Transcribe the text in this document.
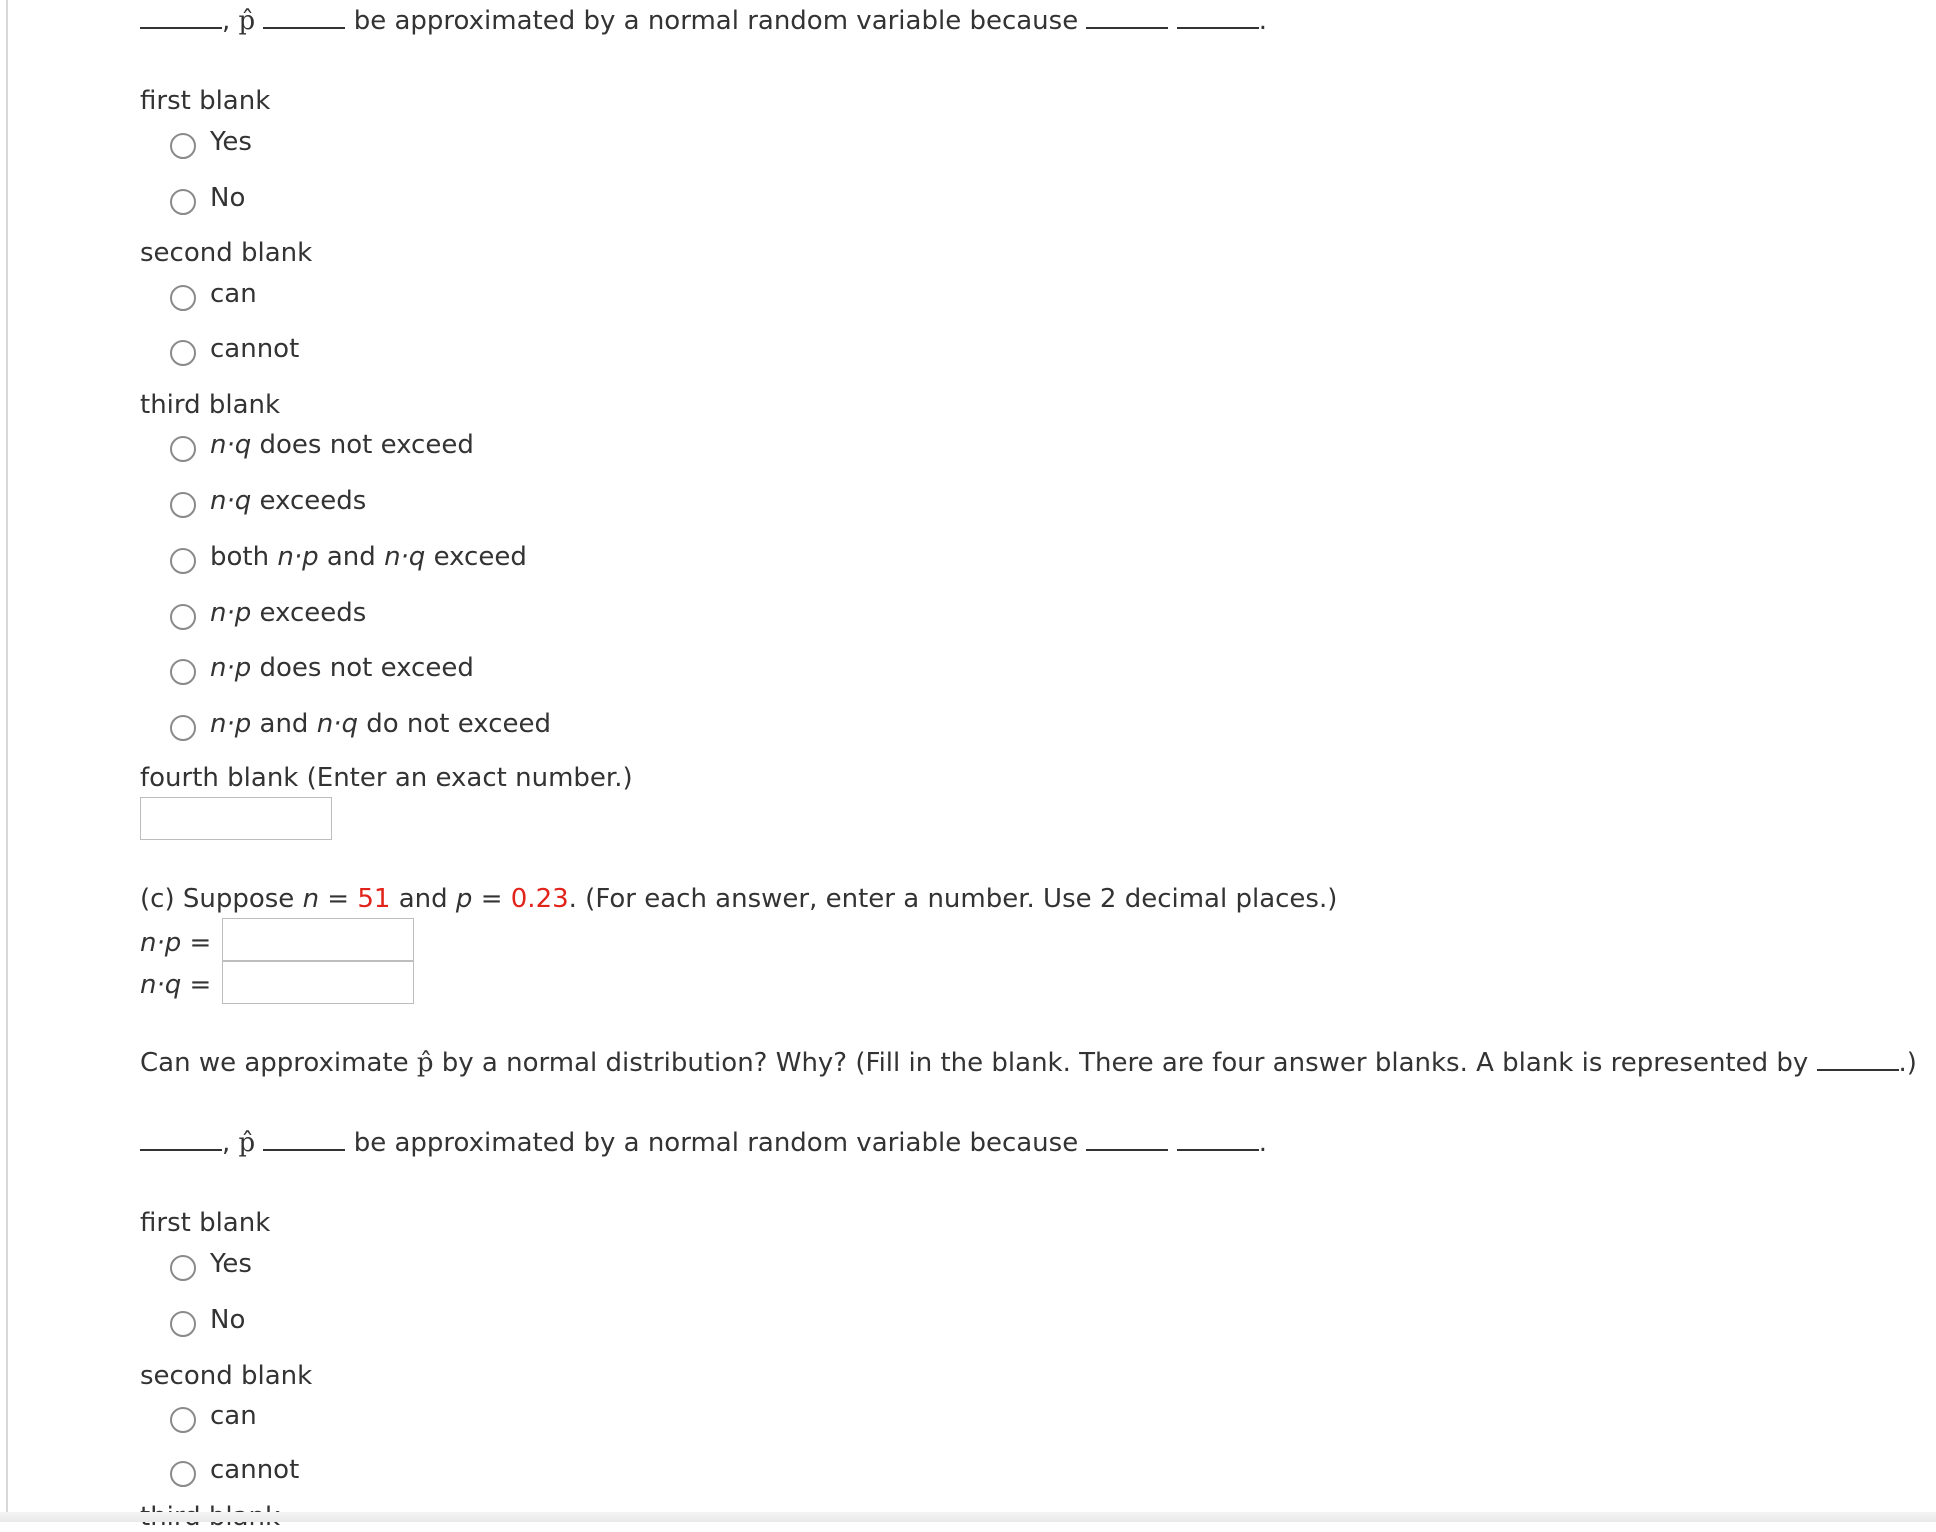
, p̂	be approximated by a normal random variable because	.
first blank
Yes
No
second blank
can
cannot
third blank
n·q does not exceed
n·q exceeds
both n·p and n·q exceed
n·p exceeds
n·p does not exceed
n·p and n·q do not exceed
fourth blank (Enter an exact number.)
(c) Suppose n = 51 and p = 0.23. (For each answer, enter a number. Use 2 decimal places.)
n·p =
n·q =
Can we approximate p̂ by a normal distribution? Why? (Fill in the blank. There are four answer blanks. A blank is represented by	.)
, p̂	be approximated by a normal random variable because	.
first blank
Yes
No
second blank
can
cannot
